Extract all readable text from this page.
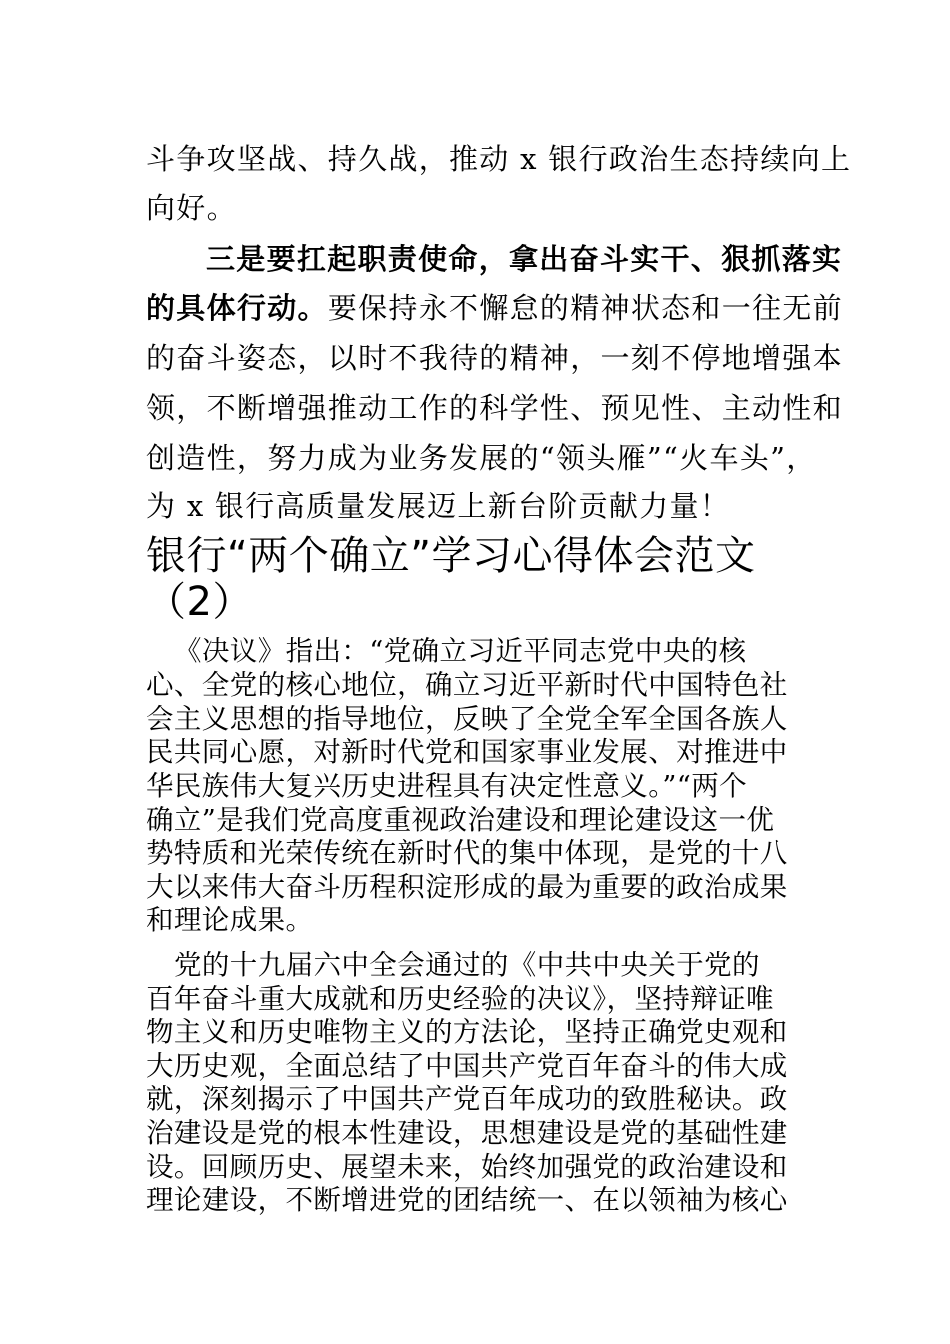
斗争攻坚战、持久战，推动 x 银行政治生态持续向上
向好。
三是要扛起职责使命，拿出奋斗实干、狠抓落实
的具体行动。要保持永不懈怠的精神状态和一往无前
的奋斗姿态，以时不我待的精神，一刻不停地增强本
领，不断增强推动工作的科学性、预见性、主动性和
创造性，努力成为业务发展的“领头雁”“火车头”，
为 x 银行高质量发展迈上新台阶贡献力量！
银行“两个确立”学习心得体会范文
（2）
《决议》指出：“党确立习近平同志党中央的核
心、全党的核心地位，确立习近平新时代中国特色社
会主义思想的指导地位，反映了全党全军全国各族人
民共同心愿，对新时代党和国家事业发展、对推进中
华民族伟大复兴历史进程具有决定性意义。”“两个
确立”是我们党高度重视政治建设和理论建设这一优
势特质和光荣传统在新时代的集中体现，是党的十八
大以来伟大奋斗历程积淀形成的最为重要的政治成果
和理论成果。
党的十九届六中全会通过的《中共中央关于党的
百年奋斗重大成就和历史经验的决议》，坚持辩证唯
物主义和历史唯物主义的方法论，坚持正确党史观和
大历史观，全面总结了中国共产党百年奋斗的伟大成
就，深刻揭示了中国共产党百年成功的致胜秘诀。政
治建设是党的根本性建设，思想建设是党的基础性建
设。回顾历史、展望未来，始终加强党的政治建设和
理论建设，不断增进党的团结统一、在以领袖为核心
